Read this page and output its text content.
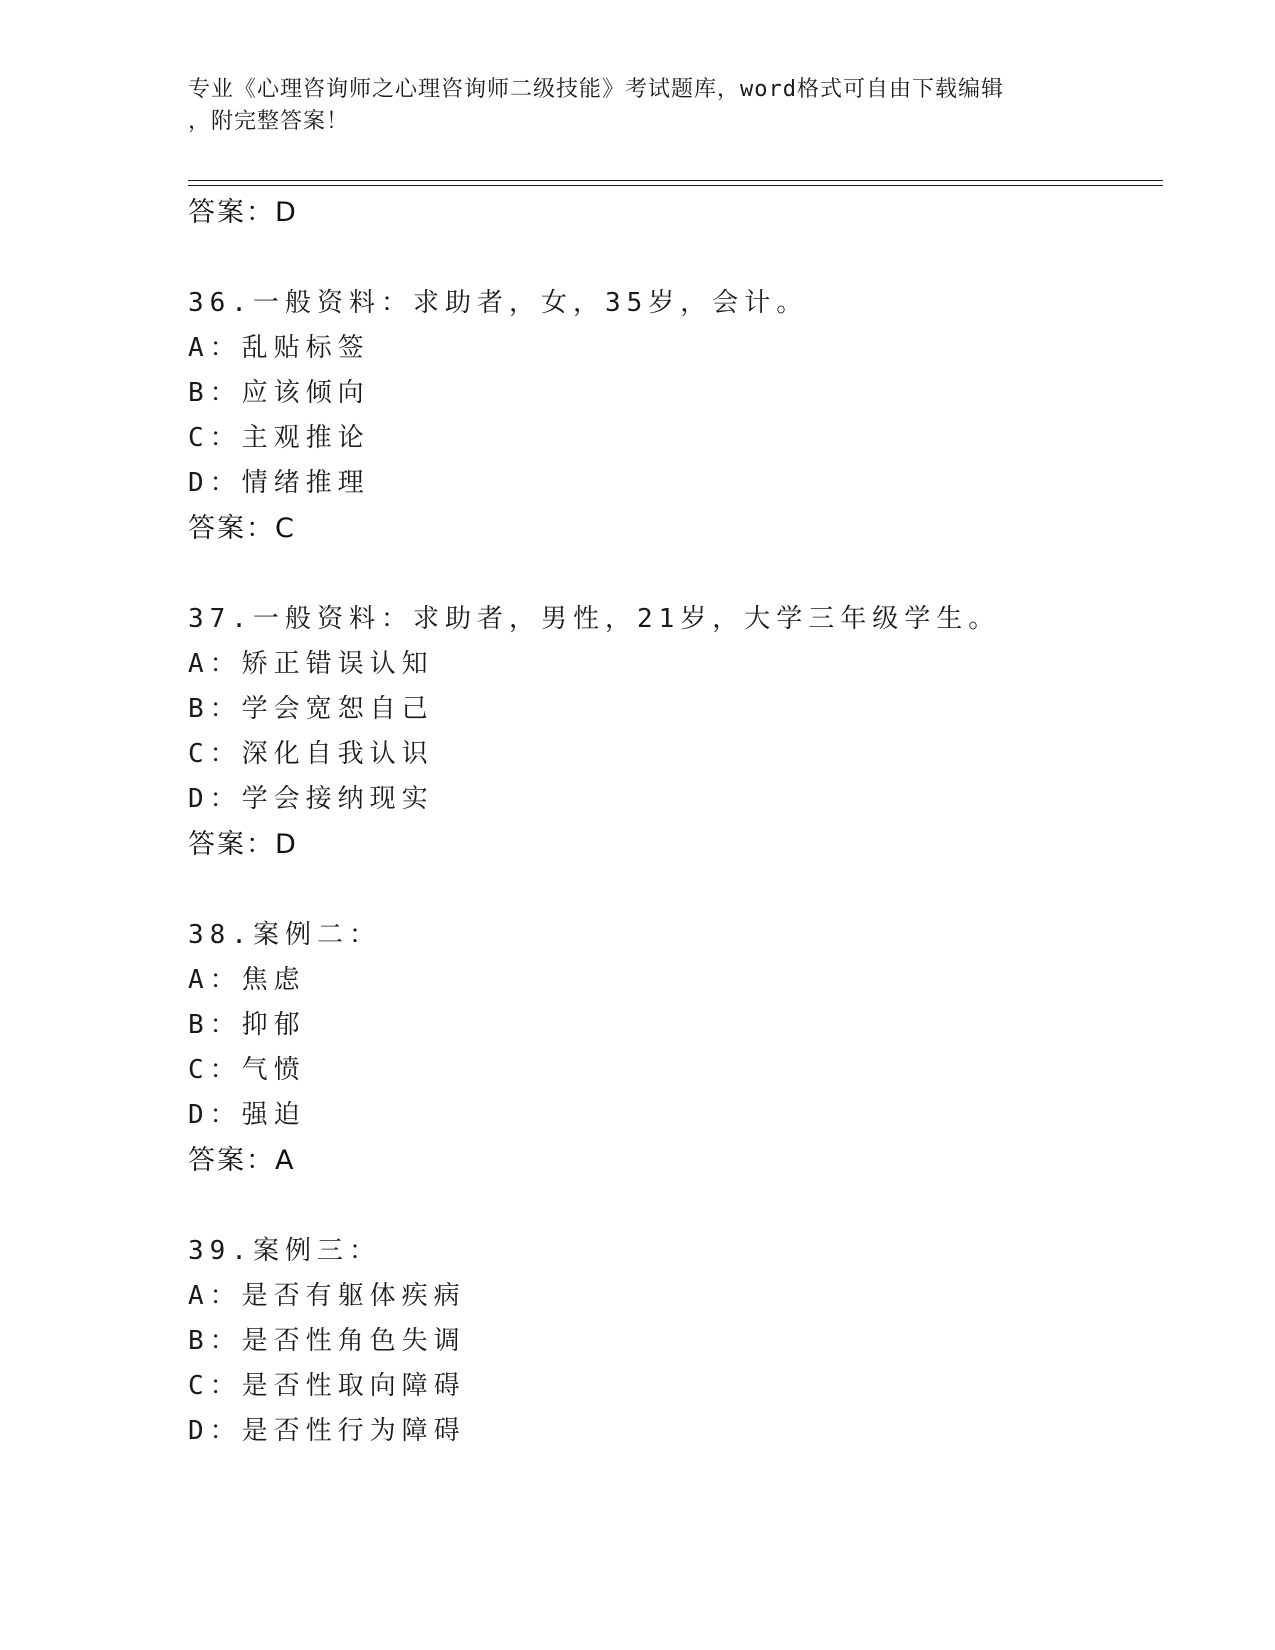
专业《心理咨询师之心理咨询师二级技能》考试题库，word格式可自由下载编辑
，附完整答案！
答案：D
36.一般资料：求助者，女，35岁，会计。
A：乱贴标签
B：应该倾向
C：主观推论
D：情绪推理
答案：C
37.一般资料：求助者，男性，21岁，大学三年级学生。
A：矫正错误认知
B：学会宽恕自己
C：深化自我认识
D：学会接纳现实
答案：D
38.案例二：
A：焦虑
B：抑郁
C：气愤
D：强迫
答案：A
39.案例三：
A：是否有躯体疾病
B：是否性角色失调
C：是否性取向障碍
D：是否性行为障碍
